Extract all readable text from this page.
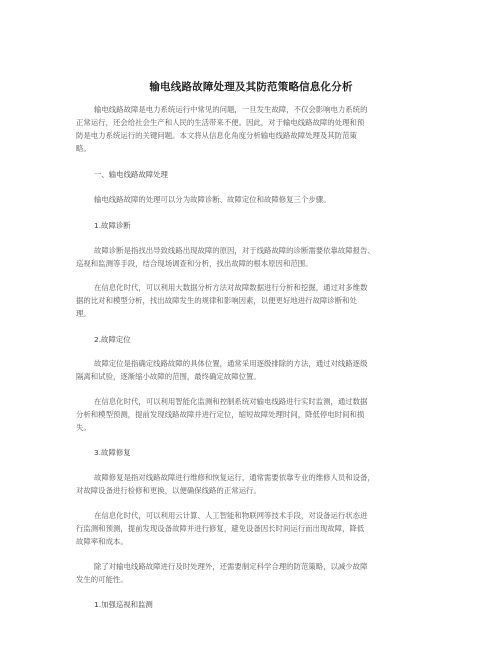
输电线路故障处理及其防范策略信息化分析
输电线路故障是电力系统运行中常见的问题，一旦发生故障，不仅会影响电力系统的
正常运行，还会给社会生产和人民的生活带来不便。因此，对于输电线路故障的处理和预
防是电力系统运行的关键问题。本文将从信息化角度分析输电线路故障处理及其防范策
略。
一、输电线路故障处理
输电线路故障的处理可以分为故障诊断、故障定位和故障修复三个步骤。
1.故障诊断
故障诊断是指找出导致线路出现故障的原因，对于线路故障的诊断需要依靠故障报告、
巡视和监测等手段，结合现场调查和分析，找出故障的根本原因和范围。
在信息化时代，可以利用大数据分析方法对故障数据进行分析和挖掘，通过对多维数
据的比对和模型分析，找出故障发生的规律和影响因素，以便更好地进行故障诊断和处
理。
2.故障定位
故障定位是指确定线路故障的具体位置，通常采用逐级排除的方法，通过对线路逐级
隔离和试验，逐渐缩小故障的范围，最终确定故障位置。
在信息化时代，可以利用智能化监测和控制系统对输电线路进行实时监测，通过数据
分析和模型预测，提前发现线路故障并进行定位，缩短故障处理时间，降低停电时间和损
失。
3.故障修复
故障修复是指对线路故障进行维修和恢复运行，通常需要依靠专业的维修人员和设备，
对故障设备进行检修和更换，以便确保线路的正常运行。
在信息化时代，可以利用云计算、人工智能和物联网等技术手段，对设备运行状态进
行监测和预测，提前发现设备故障并进行修复，避免设备因长时间运行而出现故障，降低
故障率和成本。
除了对输电线路故障进行及时处理外，还需要制定科学合理的防范策略，以减少故障
发生的可能性。
1.加强巡视和监测
